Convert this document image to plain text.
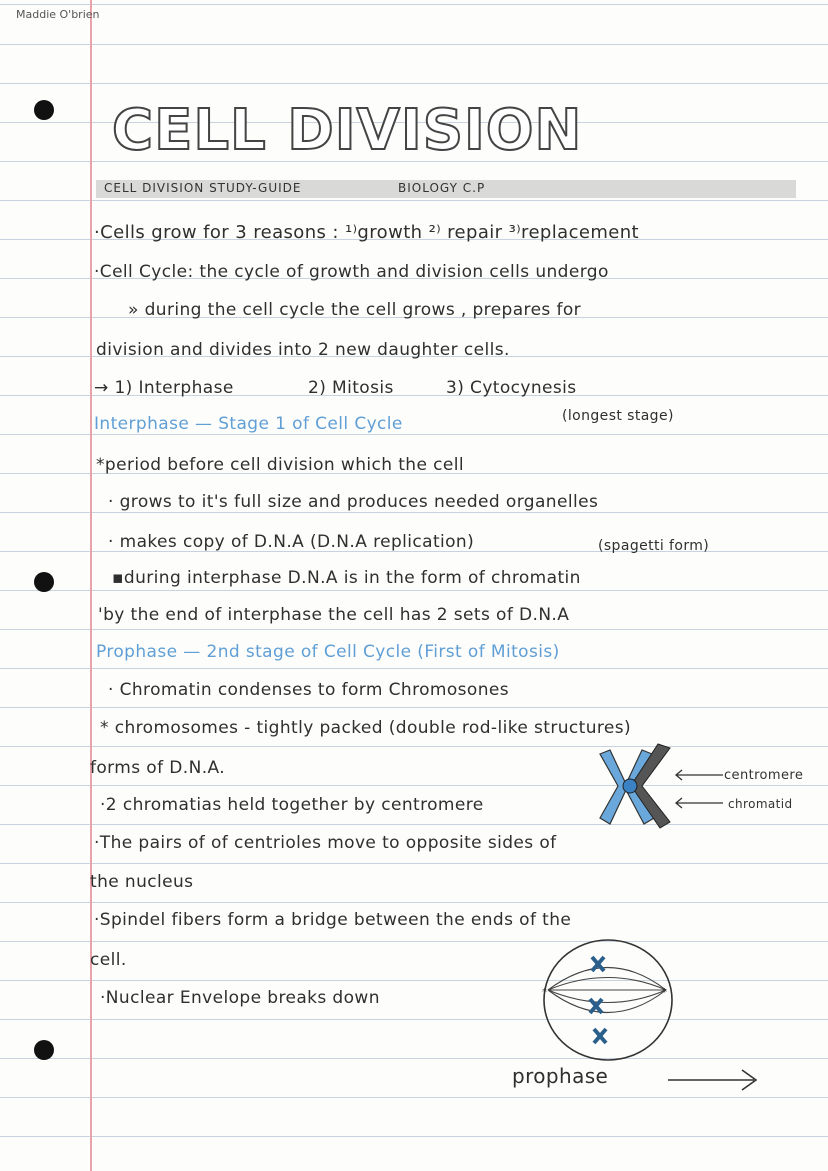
Maddie O'brien
CELL DIVISION
CELL DIVISION STUDY-GUIDE	BIOLOGY C.P
·Cells grow for 3 reasons : ¹⁾growth ²⁾ repair ³⁾replacement
·Cell Cycle: the cycle of growth and division cells undergo
» during the cell cycle the cell grows , prepares for
division and divides into 2 new daughter cells.
→ 1) Interphase	2) Mitosis	3) Cytocynesis
Interphase — Stage 1 of Cell Cycle	(longest stage)
*period before cell division which the cell
· grows to it's full size and produces needed organelles
· makes copy of D.N.A (D.N.A replication)	(spagetti form)
▪during interphase D.N.A is in the form of chromatin
'by the end of interphase the cell has 2 sets of D.N.A
Prophase — 2nd stage of Cell Cycle (First of Mitosis)
· Chromatin condenses to form Chromosones
* chromosomes - tightly packed (double rod-like structures)
forms of D.N.A.
·2 chromatias held together by centromere
·The pairs of of centrioles move to opposite sides of
the nucleus
·Spindel fibers form a bridge between the ends of the
cell.
·Nuclear Envelope breaks down
centromere
chromatid
*	*
prophase
